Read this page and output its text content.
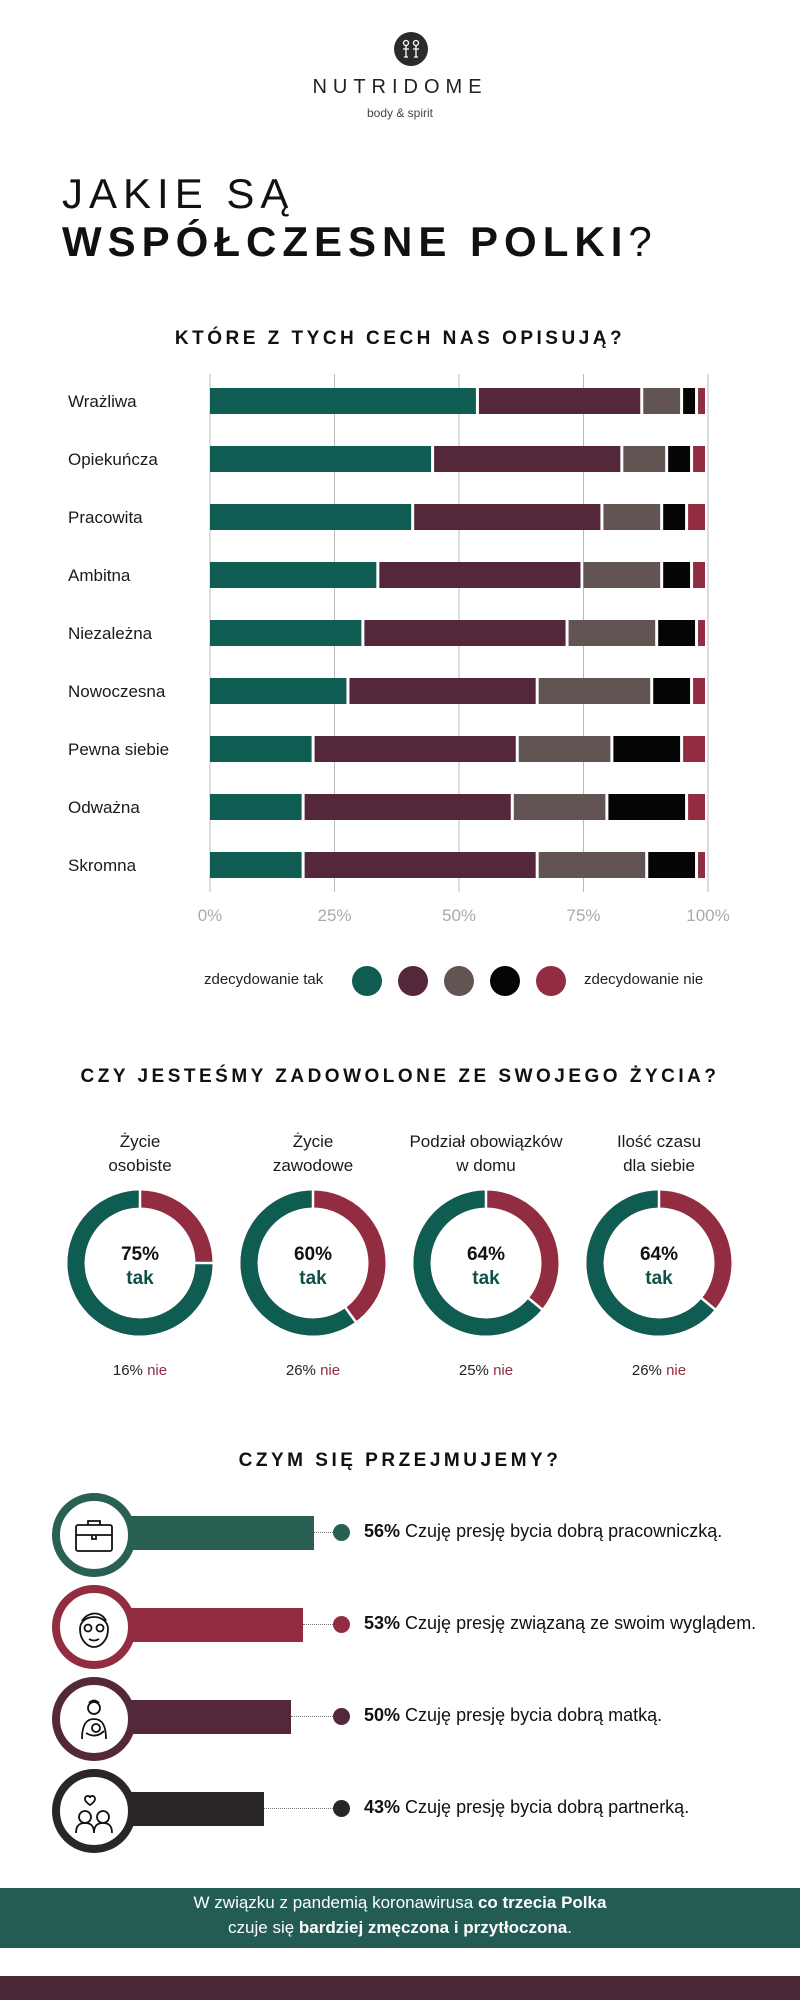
NUTRIDOME
body & spirit
JAKIE SĄ
WSPÓŁCZESNE POLKI?
KTÓRE Z TYCH CECH NAS OPISUJĄ?
0%	25%	50%	75%	100%
Wrażliwa
Opiekuńcza
Pracowita
Ambitna
Niezależna
Nowoczesna
Pewna siebie
Odważna
Skromna
zdecydowanie tak	zdecydowanie nie
CZY JESTEŚMY ZADOWOLONE ZE SWOJEGO ŻYCIA?
Życie
osobiste
75%
tak
16% nie
Życie
zawodowe
60%
tak
26% nie
Podział obowiązków
w domu
64%
tak
25% nie
Ilość czasu
dla siebie
64%
tak
26% nie
CZYM SIĘ PRZEJMUJEMY?
56% Czuję presję bycia dobrą pracowniczką.
53% Czuję presję związaną ze swoim wyglądem.
50% Czuję presję bycia dobrą matką.
43% Czuję presję bycia dobrą partnerką.
W związku z pandemią koronawirusa co trzecia Polka
czuje się bardziej zmęczona i przytłoczona.
